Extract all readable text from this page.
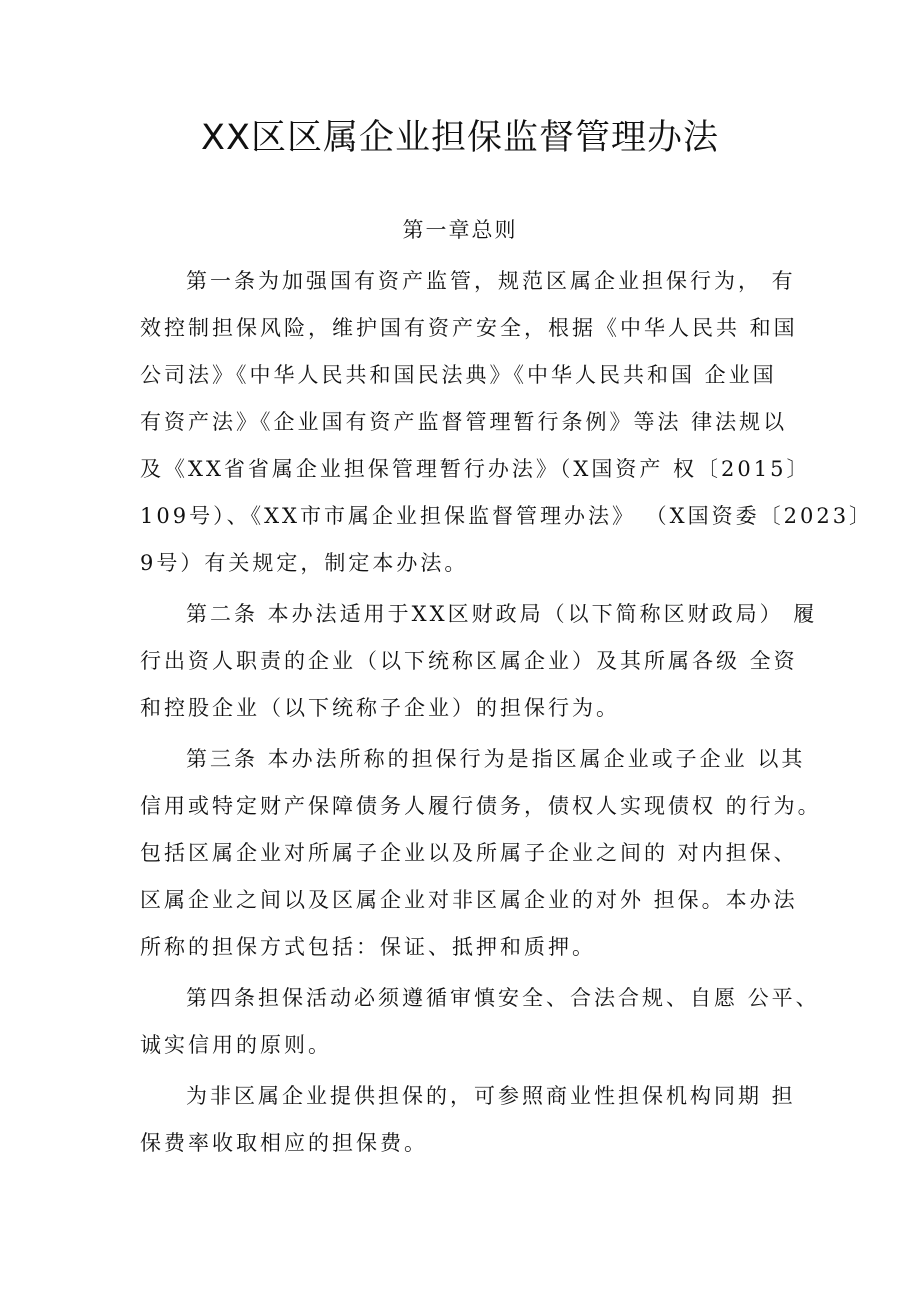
XX区区属企业担保监督管理办法
第一章总则
第一条为加强国有资产监管，规范区属企业担保行为， 有
效控制担保风险，维护国有资产安全，根据《中华人民共 和国
公司法》《中华人民共和国民法典》《中华人民共和国 企业国
有资产法》《企业国有资产监督管理暂行条例》等法 律法规以
及《XX省省属企业担保管理暂行办法》（X国资产 权〔2015〕
109号）、《XX市市属企业担保监督管理办法》 （X国资委〔2023〕
9号）有关规定，制定本办法。
第二条 本办法适用于XX区财政局（以下简称区财政局） 履
行出资人职责的企业（以下统称区属企业）及其所属各级 全资
和控股企业（以下统称子企业）的担保行为。
第三条 本办法所称的担保行为是指区属企业或子企业 以其
信用或特定财产保障债务人履行债务，债权人实现债权 的行为。
包括区属企业对所属子企业以及所属子企业之间的 对内担保、
区属企业之间以及区属企业对非区属企业的对外 担保。本办法
所称的担保方式包括：保证、抵押和质押。
第四条担保活动必须遵循审慎安全、合法合规、自愿 公平、
诚实信用的原则。
为非区属企业提供担保的，可参照商业性担保机构同期 担
保费率收取相应的担保费。
